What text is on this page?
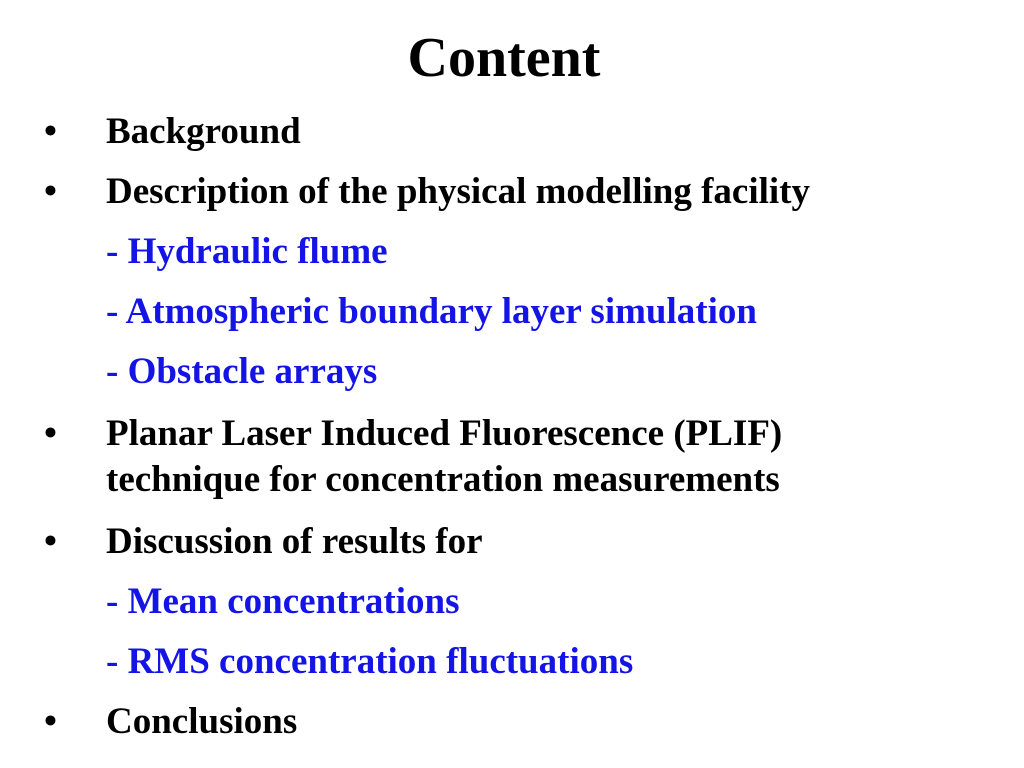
Content
•	Background
•	Description of the physical modelling facility
- Hydraulic flume
- Atmospheric boundary layer simulation
- Obstacle arrays
•	Planar Laser Induced Fluorescence (PLIF)
technique for concentration measurements
•	Discussion of results for
- Mean concentrations
- RMS concentration fluctuations
•	Conclusions
